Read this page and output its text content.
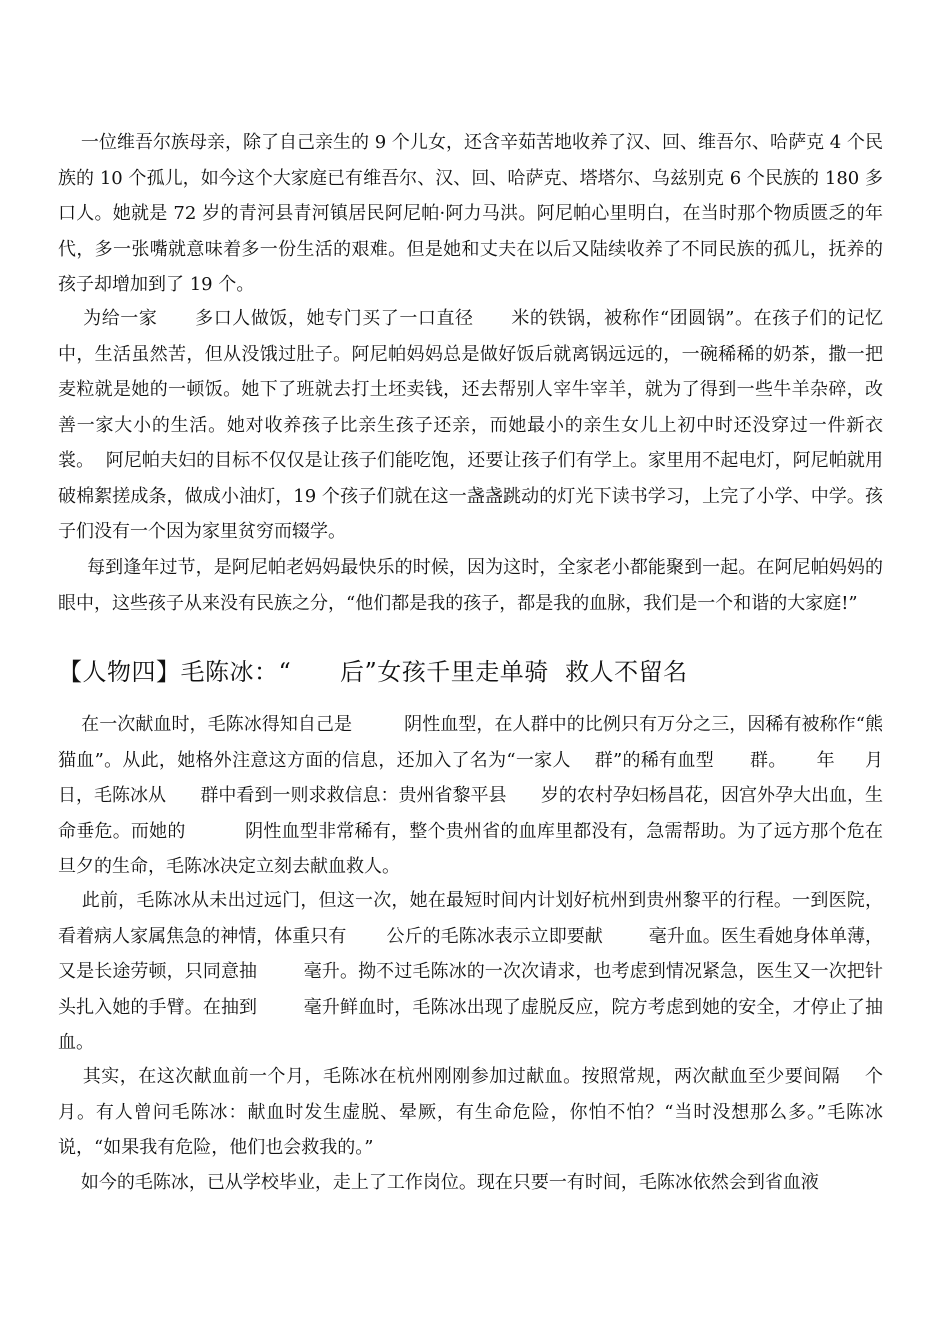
一位维吾尔族母亲，除了自己亲生的 9 个儿女，还含辛茹苦地收养了汉、回、维吾尔、哈萨克 4 个民族的 10 个孤儿，如今这个大家庭已有维吾尔、汉、回、哈萨克、塔塔尔、乌兹别克 6 个民族的 180 多口人。她就是 72 岁的青河县青河镇居民阿尼帕·阿力马洪。阿尼帕心里明白，在当时那个物质匮乏的年代，多一张嘴就意味着多一份生活的艰难。但是她和丈夫在以后又陆续收养了不同民族的孤儿，抚养的孩子却增加到了 19 个。

为给一家      多口人做饭，她专门买了一口直径      米的铁锅，被称作“团圆锅”。在孩子们的记忆中，生活虽然苦，但从没饿过肚子。阿尼帕妈妈总是做好饭后就离锅远远的，一碗稀稀的奶茶，撒一把麦粒就是她的一顿饭。她下了班就去打土坯卖钱，还去帮别人宰牛宰羊，就为了得到一些牛羊杂碎，改善一家大小的生活。她对收养孩子比亲生孩子还亲，而她最小的亲生女儿上初中时还没穿过一件新衣裳。  阿尼帕夫妇的目标不仅仅是让孩子们能吃饱，还要让孩子们有学上。家里用不起电灯，阿尼帕就用破棉絮搓成条，做成小油灯，19 个孩子们就在这一盏盏跳动的灯光下读书学习，上完了小学、中学。孩子们没有一个因为家里贫穷而辍学。

每到逢年过节，是阿尼帕老妈妈最快乐的时候，因为这时，全家老小都能聚到一起。在阿尼帕妈妈的眼中，这些孩子从来没有民族之分，“他们都是我的孩子，都是我的血脉，我们是一个和谐的大家庭!”

【人物四】毛陈冰：“      后”女孩千里走单骑  救人不留名

在一次献血时，毛陈冰得知自己是         阴性血型，在人群中的比例只有万分之三，因稀有被称作“熊猫血”。从此，她格外注意这方面的信息，还加入了名为“一家人    群”的稀有血型      群。     年     月      日，毛陈冰从      群中看到一则求救信息：贵州省黎平县      岁的农村孕妇杨昌花，因宫外孕大出血，生命垂危。而她的          阴性血型非常稀有，整个贵州省的血库里都没有，急需帮助。为了远方那个危在旦夕的生命，毛陈冰决定立刻去献血救人。

此前，毛陈冰从未出过远门，但这一次，她在最短时间内计划好杭州到贵州黎平的行程。一到医院，看着病人家属焦急的神情，体重只有       公斤的毛陈冰表示立即要献        毫升血。医生看她身体单薄，又是长途劳顿，只同意抽        毫升。拗不过毛陈冰的一次次请求，也考虑到情况紧急，医生又一次把针头扎入她的手臂。在抽到        毫升鲜血时，毛陈冰出现了虚脱反应，院方考虑到她的安全，才停止了抽血。

其实，在这次献血前一个月，毛陈冰在杭州刚刚参加过献血。按照常规，两次献血至少要间隔    个月。有人曾问毛陈冰：献血时发生虚脱、晕厥，有生命危险，你怕不怕？“当时没想那么多。”毛陈冰说，“如果我有危险，他们也会救我的。”

如今的毛陈冰，已从学校毕业，走上了工作岗位。现在只要一有时间，毛陈冰依然会到省血液
